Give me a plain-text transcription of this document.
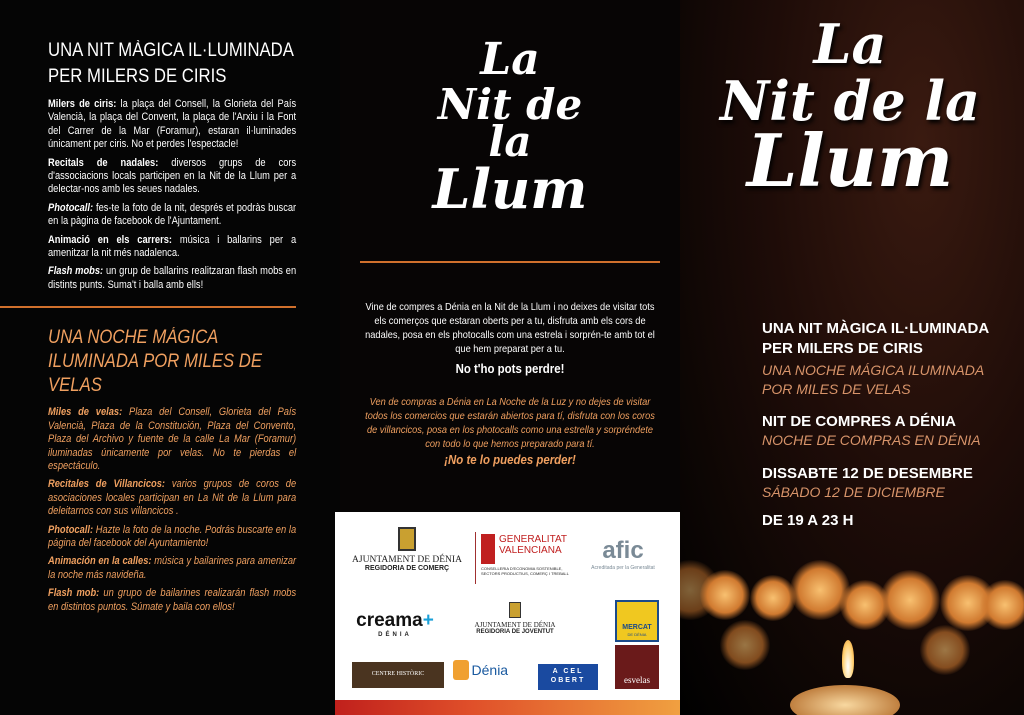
UNA NIT MÀGICA IL·LUMINADA PER MILERS DE CIRIS

Milers de ciris: la plaça del Consell, la Glorieta del País Valencià, la plaça del Convent, la plaça de l'Arxiu i la Font del Carrer de la Mar (Foramur), estaran il·luminades únicament per ciris. No et perdes l'espectacle!

Recitals de nadales: diversos grups de cors d'associacions locals participen en la Nit de la Llum per a delectar-nos amb les seues nadales.

Photocall: fes-te la foto de la nit, després et podràs buscar en la pàgina de facebook de l'Ajuntament.

Animació en els carrers: música i ballarins per a amenitzar la nit més nadalenca.

Flash mobs: un grup de ballarins realitzaran flash mobs en distints punts. Suma't i balla amb ells!

UNA NOCHE MÁGICA ILUMINADA POR MILES DE VELAS

Miles de velas: Plaza del Consell, Glorieta del País Valencià, Plaza de la Constitución, Plaza del Convento, Plaza del Archivo y fuente de la calle La Mar (Foramur) iluminadas únicamente por velas. No te pierdas el espectáculo.

Recitales de Villancicos: varios grupos de coros de asociaciones locales participan en La Nit de la Llum para deleitarnos con sus villancicos .

Photocall: Hazte la foto de la noche. Podrás buscarte en la página del facebook del Ayuntamiento!

Animación en la calles: música y bailarines para amenizar la noche más navideña.

Flash mob: un grupo de bailarines realizarán flash mobs en distintos puntos. Súmate y baila con ellos!

La
Nit de la
Llum
Vine de compres a Dénia en la Nit de la Llum i no deixes de visitar tots els comerços que estaran oberts per a tu, disfruta amb els cors de nadales, posa en els photocalls com una estrela i sorprén-te amb tot el que hem preparat per a tu.
No t'ho pots perdre!
Ven de compras a Dénia en La Noche de la Luz y no dejes de visitar todos los comercios que estarán abiertos para tí, disfruta con los coros de villancicos, posa en los photocalls como una estrella y sorpréndete con todo lo que hemos preparado para tí.
¡No te lo puedes perder!
AJUNTAMENT DE DÉNIA
REGIDORIA DE COMERÇ
GENERALITAT VALENCIANA
CONSELLERIA D'ECONOMIA SOSTENIBLE, SECTORS PRODUCTIUS, COMERÇ I TREBALL
afic
Acreditada per la Generalitat
creama+
DÉNIA
AJUNTAMENT DE DÉNIA
REGIDORIA DE JOVENTUT
MERCAT
DE DÉNIA
esvelas
CENTRE HISTÒRIC	Dénia	A CEL OBERT
La
Nit de la
Llum
UNA NIT MÀGICA IL·LUMINADA
PER MILERS DE CIRIS
UNA NOCHE MÁGICA ILUMINADA
POR MILES DE VELAS
NIT DE COMPRES A DÉNIA
NOCHE DE COMPRAS EN DÉNIA
DISSABTE 12 DE DESEMBRE
SÁBADO 12 DE DICIEMBRE
DE 19 A 23 H
